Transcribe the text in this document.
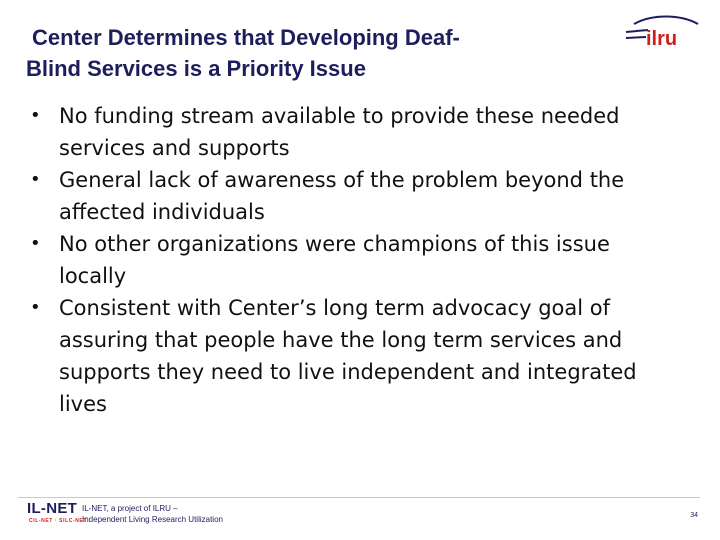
Center Determines that Developing Deaf-
Blind Services is a Priority Issue
ilru
• No funding stream available to provide these needed
services and supports
• General lack of awareness of the problem beyond the
affected individuals
• No other organizations were champions of this issue
locally
• Consistent with Center’s long term advocacy goal of
assuring that people have the long term services and
supports they need to live independent and integrated
lives
IL-NET
CIL-NET · SILC-NET
IL-NET, a project of ILRU –
Independent Living Research Utilization	34
